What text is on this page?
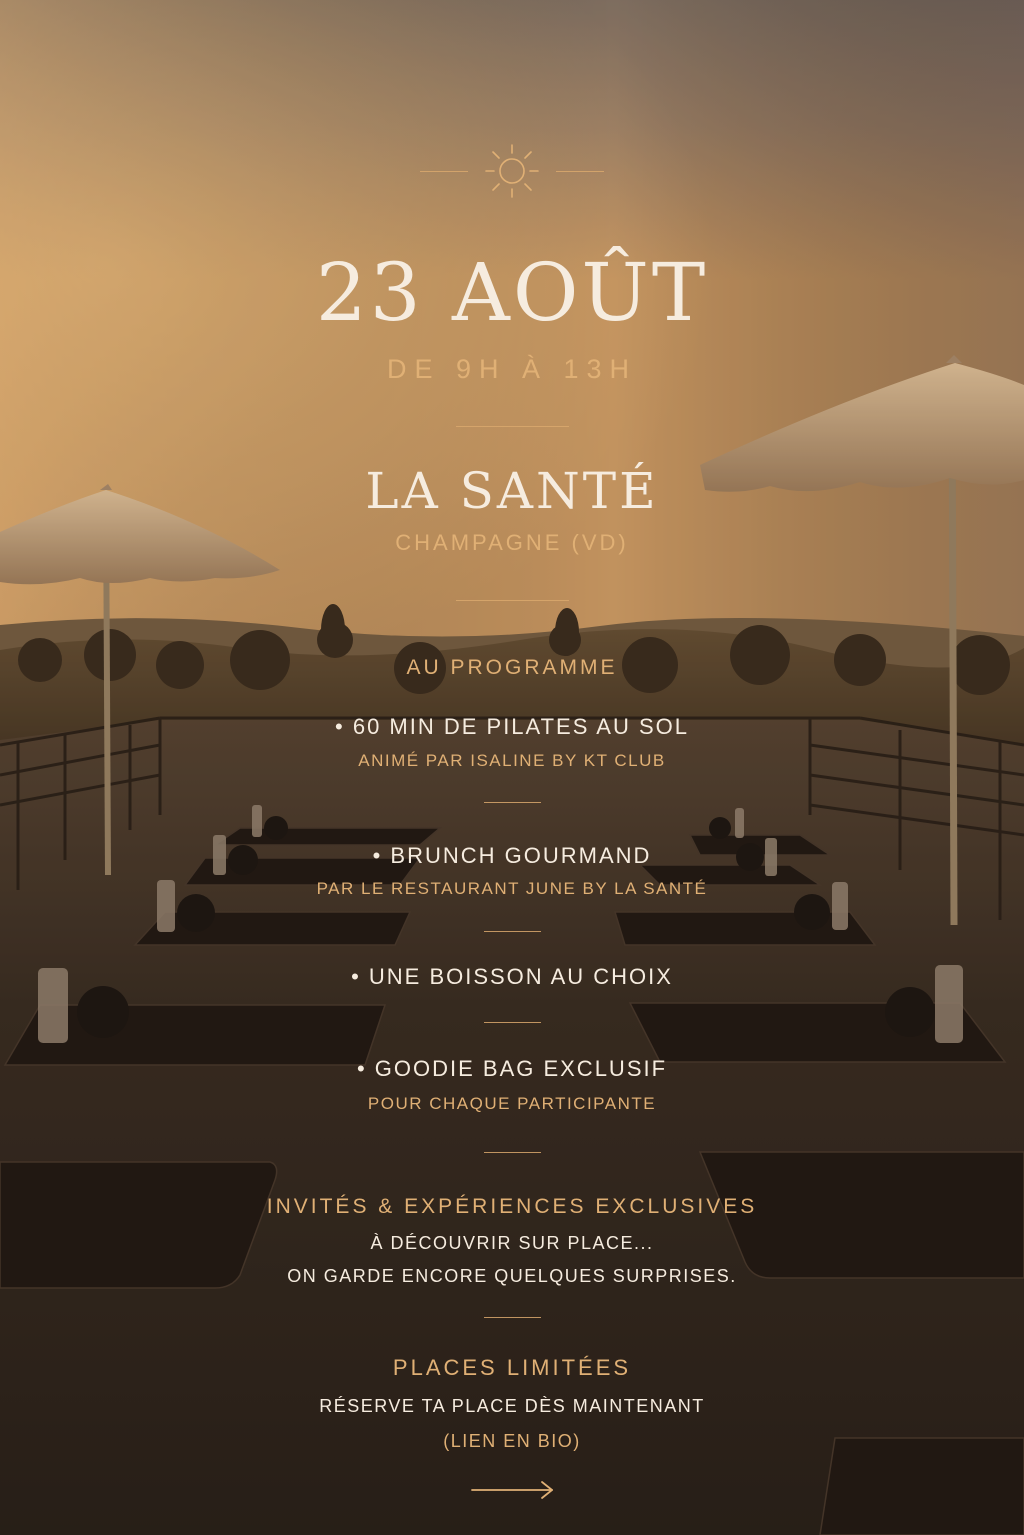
23 AOÛT
DE 9H À 13H
LA SANTÉ
CHAMPAGNE (VD)
AU PROGRAMME
• 60 MIN DE PILATES AU SOL
ANIMÉ PAR ISALINE BY KT CLUB
• BRUNCH GOURMAND
PAR LE RESTAURANT JUNE BY LA SANTÉ
• UNE BOISSON AU CHOIX
• GOODIE BAG EXCLUSIF
POUR CHAQUE PARTICIPANTE
INVITÉS & EXPÉRIENCES EXCLUSIVES
À DÉCOUVRIR SUR PLACE...
ON GARDE ENCORE QUELQUES SURPRISES.
PLACES LIMITÉES
RÉSERVE TA PLACE DÈS MAINTENANT
(LIEN EN BIO)
